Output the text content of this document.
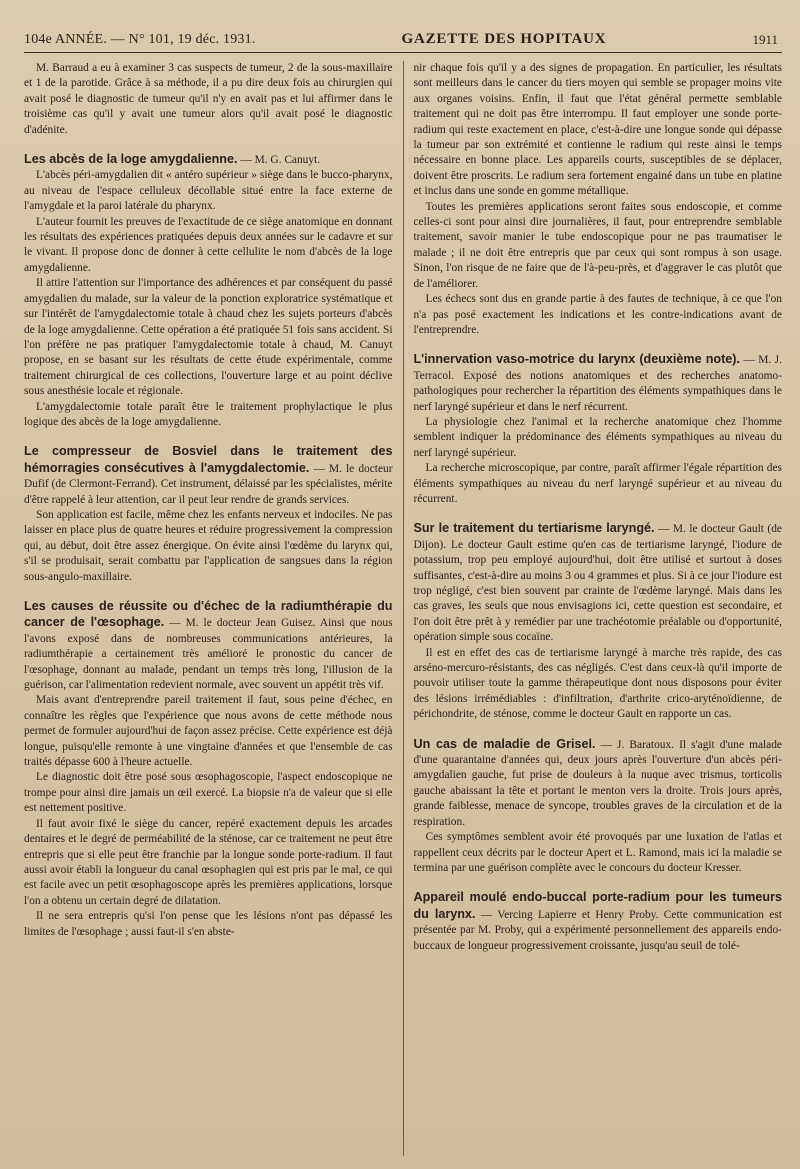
104e ANNÉE. — N° 101, 19 déc. 1931.	GAZETTE DES HOPITAUX	1911

M. Barraud a eu à examiner 3 cas suspects de tumeur, 2 de la sous-maxillaire et 1 de la parotide. Grâce à sa méthode, il a pu dire deux fois au chirurgien qui avait posé le diagnostic de tumeur qu'il n'y en avait pas et lui affirmer dans le troisième cas qu'il y avait une tumeur alors qu'il avait posé le diagnostic d'adénite.

Les abcès de la loge amygdalienne. — M. G. Canuyt.

L'abcès péri-amygdalien dit « antéro supérieur » siège dans le bucco-pharynx, au niveau de l'espace celluleux décollable situé entre la face externe de l'amygdale et la paroi latérale du pharynx.

L'auteur fournit les preuves de l'exactitude de ce siège anatomique en donnant les résultats des expériences pratiquées depuis deux années sur le cadavre et sur le vivant. Il propose donc de donner à cette cellulite le nom d'abcès de la loge amygdalienne.

Il attire l'attention sur l'importance des adhérences et par conséquent du passé amygdalien du malade, sur la valeur de la ponction exploratrice systématique et sur l'intérêt de l'amygdalectomie totale à chaud chez les sujets porteurs d'abcès de la loge amygdalienne. Cette opération a été pratiquée 51 fois sans accident. Si l'on préfère ne pas pratiquer l'amygdalectomie totale à chaud, M. Canuyt propose, en se basant sur les résultats de cette étude expérimentale, comme traitement chirurgical de ces collections, l'ouverture large et au point déclive sous anesthésie locale et régionale.

L'amygdalectomie totale paraît être le traitement prophylactique le plus logique des abcès de la loge amygdalienne.

Le compresseur de Bosviel dans le traitement des hémorragies consécutives à l'amygdalectomie. — M. le docteur Dufif (de Clermont-Ferrand). Cet instrument, délaissé par les spécialistes, mérite d'être rappelé à leur attention, car il peut leur rendre de grands services.

Son application est facile, même chez les enfants nerveux et indociles. Ne pas laisser en place plus de quatre heures et réduire progressivement la compression qui, au début, doit être assez énergique. On évite ainsi l'œdème du larynx qui, s'il se produisait, serait combattu par l'application de sangsues dans la région sous-angulo-maxillaire.

Les causes de réussite ou d'échec de la radiumthérapie du cancer de l'œsophage. — M. le docteur Jean Guisez. Ainsi que nous l'avons exposé dans de nombreuses communications antérieures, la radiumthérapie a certainement très amélioré le pronostic du cancer de l'œsophage, donnant au malade, pendant un temps très long, l'illusion de la guérison, car l'alimentation redevient normale, avec souvent un appétit très vif.

Mais avant d'entreprendre pareil traitement il faut, sous peine d'échec, en connaître les règles que l'expérience que nous avons de cette méthode nous permet de formuler aujourd'hui de façon assez précise. Cette expérience est déjà longue, puisqu'elle remonte à une vingtaine d'années et que l'ensemble de cas traités dépasse 600 à l'heure actuelle.

Le diagnostic doit être posé sous œsophagoscopie, l'aspect endoscopique ne trompe pour ainsi dire jamais un œil exercé. La biopsie n'a de valeur que si elle est nettement positive.

Il faut avoir fixé le siège du cancer, repéré exactement depuis les arcades dentaires et le degré de perméabilité de la sténose, car ce traitement ne peut être entrepris que si elle peut être franchie par la longue sonde porte-radium. Il faut aussi avoir établi la longueur du canal œsophagien qui est pris par le mal, ce qui est facile avec un petit œsophagoscope après les premières applications, lorsque l'on a obtenu un certain degré de dilatation.

Il ne sera entrepris qu'si l'on pense que les lésions n'ont pas dépassé les limites de l'œsophage ; aussi faut-il s'en abste-

nir chaque fois qu'il y a des signes de propagation. En particulier, les résultats sont meilleurs dans le cancer du tiers moyen qui semble se propager moins vite aux organes voisins. Enfin, il faut que l'état général permette semblable traitement qui ne doit pas être interrompu. Il faut employer une sonde porte-radium qui reste exactement en place, c'est-à-dire une longue sonde qui dépasse la tumeur par son extrémité et contienne le radium qui reste ainsi le temps nécessaire en bonne place. Les appareils courts, susceptibles de se déplacer, doivent être proscrits. Le radium sera fortement engainé dans un tube en platine et inclus dans une sonde en gomme métallique.

Toutes les premières applications seront faites sous endoscopie, et comme celles-ci sont pour ainsi dire journalières, il faut, pour entreprendre semblable traitement, savoir manier le tube endoscopique pour ne pas traumatiser le malade ; il ne doit être entrepris que par ceux qui sont rompus à son usage. Sinon, l'on risque de ne faire que de l'à-peu-près, et d'aggraver le cas plutôt que de l'améliorer.

Les échecs sont dus en grande partie à des fautes de technique, à ce que l'on n'a pas posé exactement les indications et les contre-indications avant de l'entreprendre.

L'innervation vaso-motrice du larynx (deuxième note). — M. J. Terracol. Exposé des notions anatomiques et des recherches anatomo-pathologiques pour rechercher la répartition des éléments sympathiques dans le nerf laryngé supérieur et dans le nerf récurrent.

La physiologie chez l'animal et la recherche anatomique chez l'homme semblent indiquer la prédominance des éléments sympathiques au niveau du nerf laryngé supérieur.

La recherche microscopique, par contre, paraît affirmer l'égale répartition des éléments sympathiques au niveau du nerf laryngé supérieur et au niveau du récurrent.

Sur le traitement du tertiarisme laryngé. — M. le docteur Gault (de Dijon). Le docteur Gault estime qu'en cas de tertiarisme laryngé, l'iodure de potassium, trop peu employé aujourd'hui, doit être utilisé et surtout à doses suffisantes, c'est-à-dire au moins 3 ou 4 grammes et plus. Si à ce jour l'iodure est trop négligé, c'est bien souvent par crainte de l'œdème laryngé. Mais dans les cas graves, les seuls que nous envisagions ici, cette question est secondaire, et l'on doit être prêt à y remédier par une trachéotomie préalable ou d'opportunité, opération simple sous cocaïne.

Il est en effet des cas de tertiarisme laryngé à marche très rapide, des cas arséno-mercuro-résistants, des cas négligés. C'est dans ceux-là qu'il importe de pouvoir utiliser toute la gamme thérapeutique dont nous disposons pour éviter des lésions irrémédiables : d'infiltration, d'arthrite crico-aryténoïdienne, de périchondrite, de sténose, comme le docteur Gault en rapporte un cas.

Un cas de maladie de Grisel. — J. Baratoux. Il s'agit d'une malade d'une quarantaine d'années qui, deux jours après l'ouverture d'un abcès péri-amygdalien gauche, fut prise de douleurs à la nuque avec trismus, torticolis gauche abaissant la tête et portant le menton vers la droite. Trois jours après, grande faiblesse, menace de syncope, troubles graves de la circulation et de la respiration.

Ces symptômes semblent avoir été provoqués par une luxation de l'atlas et rappellent ceux décrits par le docteur Apert et L. Ramond, mais ici la maladie se termina par une guérison complète avec le concours du docteur Kresser.

Appareil moulé endo-buccal porte-radium pour les tumeurs du larynx. — Vercing Lapierre et Henry Proby. Cette communication est présentée par M. Proby, qui a expérimenté personnellement des appareils endo-buccaux de longueur progressivement croissante, jusqu'au seuil de tolé-
